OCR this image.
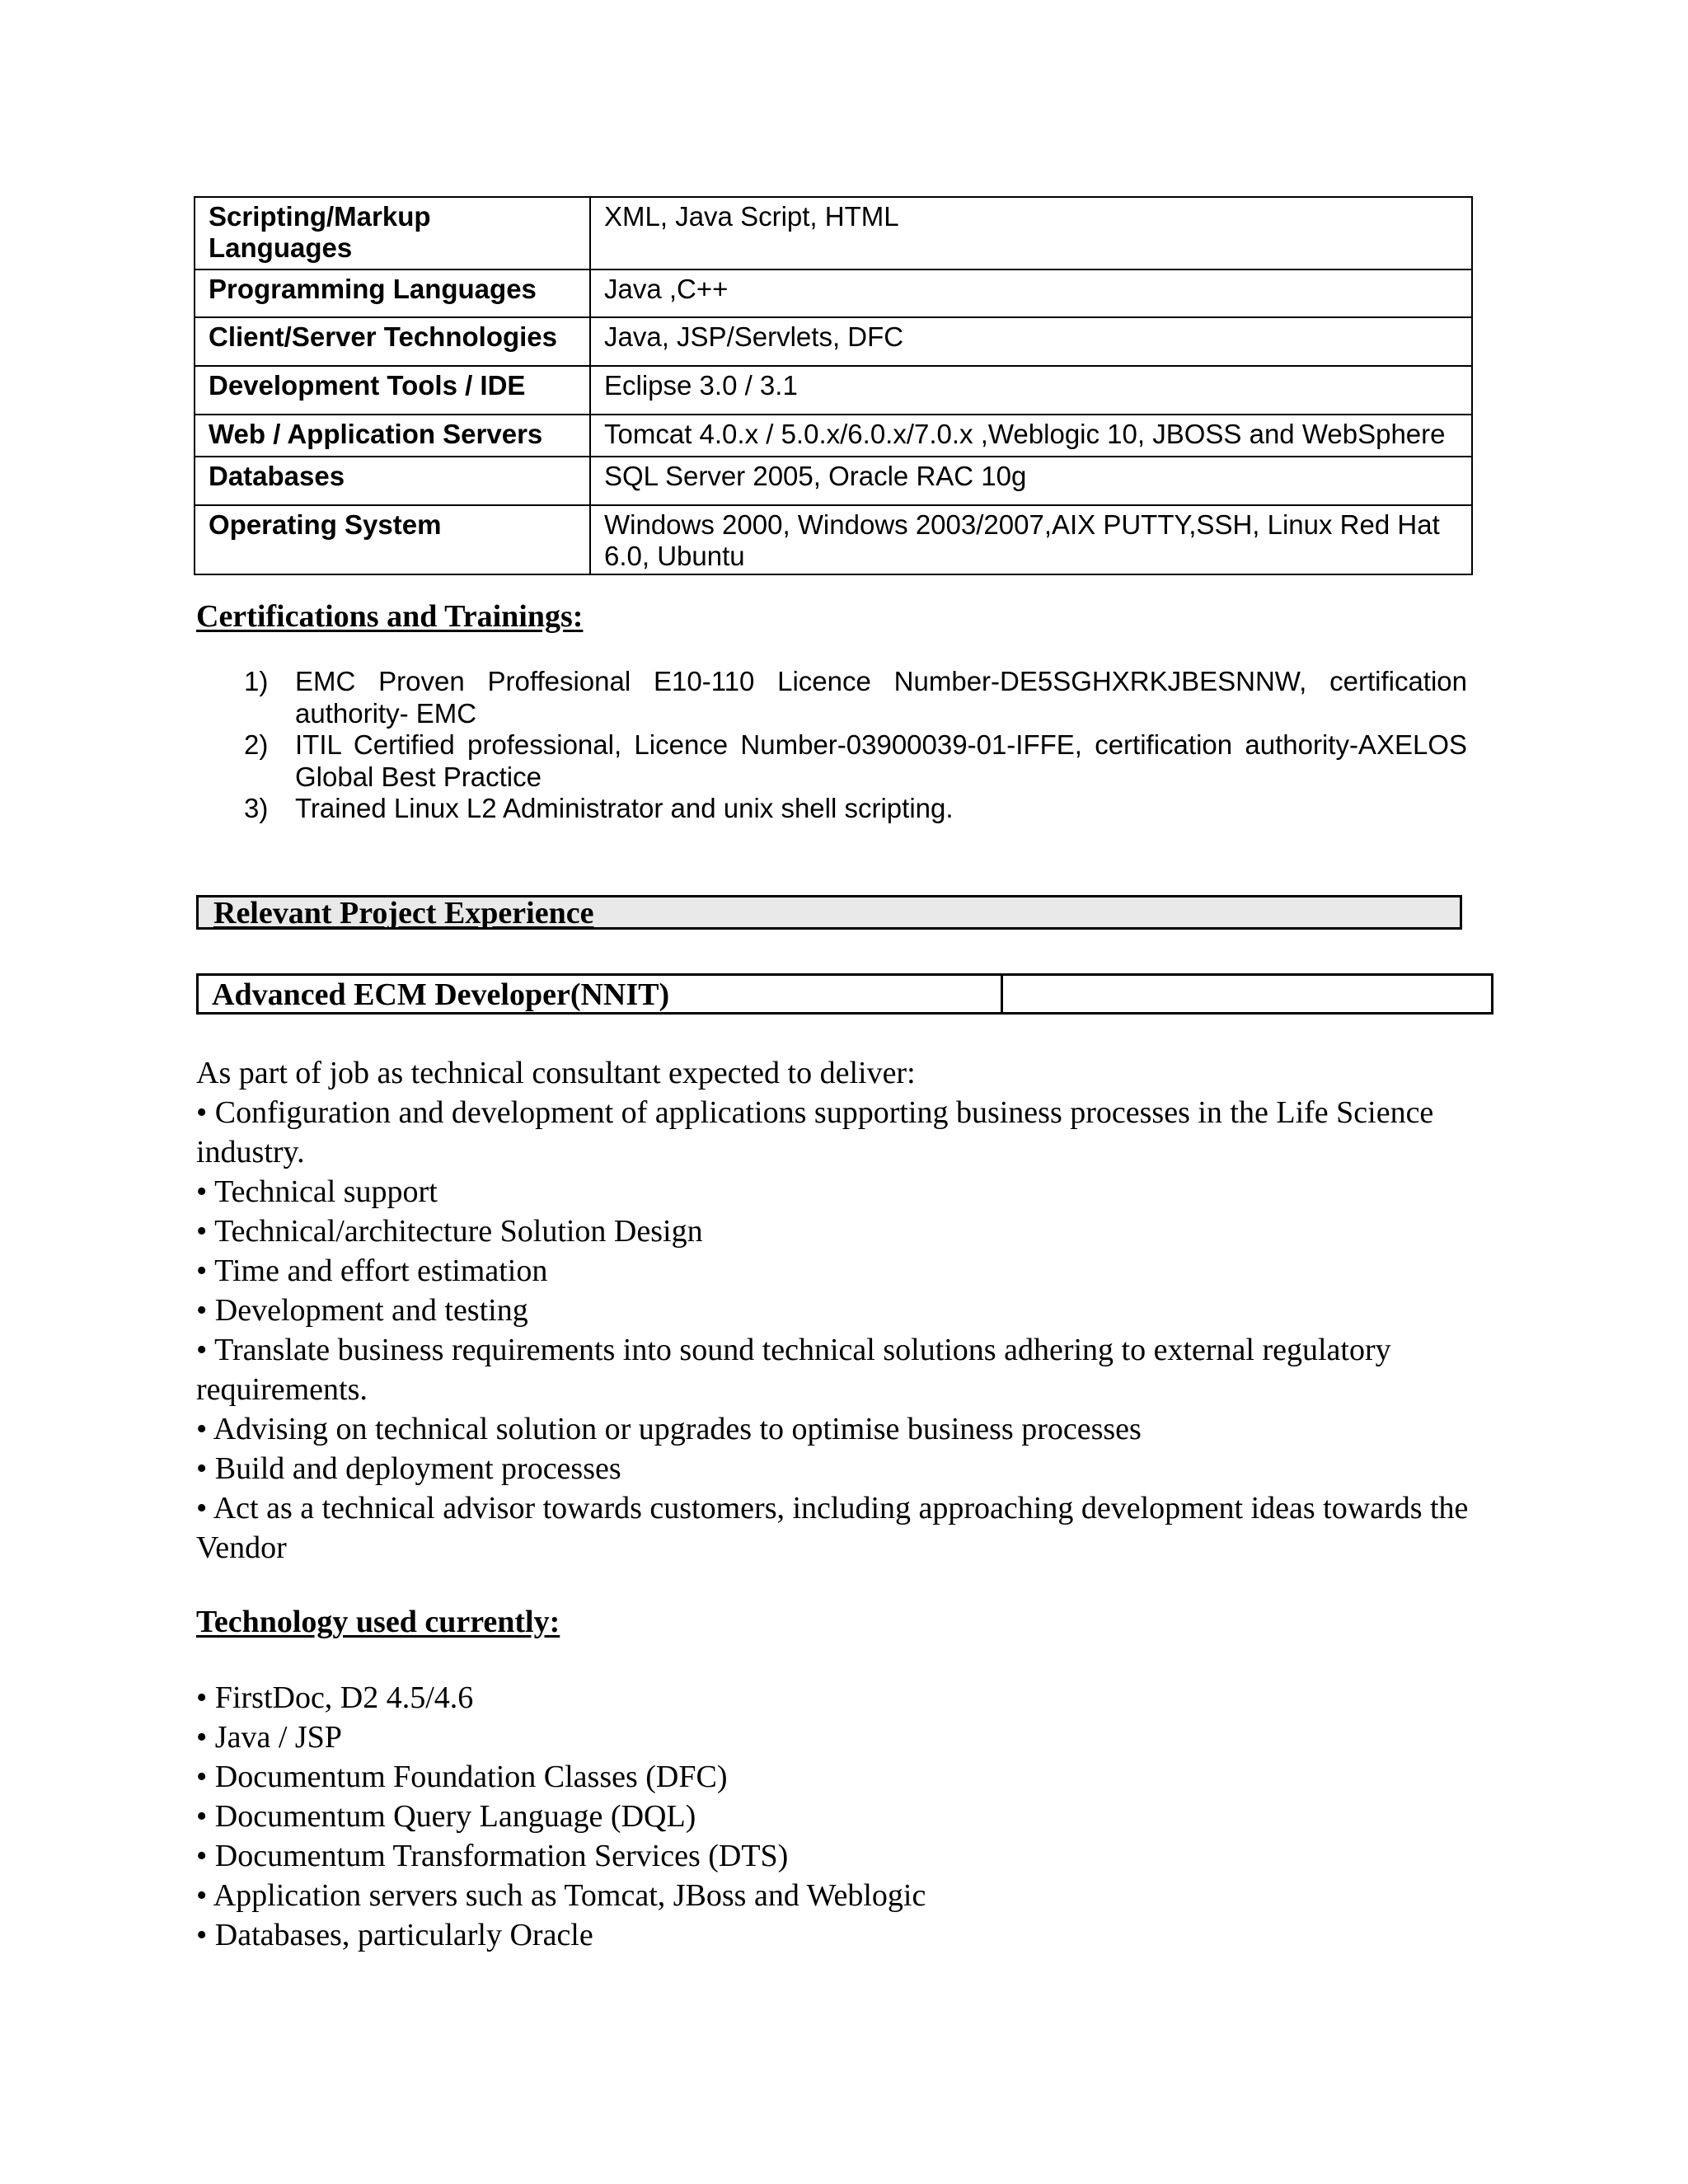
Scripting/Markup Languages	XML, Java Script, HTML
Programming Languages	Java ,C++
Client/Server Technologies	Java, JSP/Servlets, DFC
Development Tools / IDE	Eclipse 3.0 / 3.1
Web / Application Servers	Tomcat 4.0.x / 5.0.x/6.0.x/7.0.x ,Weblogic 10, JBOSS and WebSphere
Databases	SQL Server 2005, Oracle RAC 10g
Operating System	Windows 2000, Windows 2003/2007,AIX PUTTY,SSH, Linux Red Hat 6.0, Ubuntu
Certifications and Trainings:
1) EMC Proven Proffesional E10-110 Licence Number-DE5SGHXRKJBESNNW, certification authority- EMC
2) ITIL Certified professional, Licence Number-03900039-01-IFFE, certification authority-AXELOS Global Best Practice
3) Trained Linux L2 Administrator and unix shell scripting.
Relevant Project Experience
Advanced ECM Developer(NNIT)

As part of job as technical consultant expected to deliver:

• Configuration and development of applications supporting business processes in the Life Science industry.

• Technical support

• Technical/architecture Solution Design

• Time and effort estimation

• Development and testing

• Translate business requirements into sound technical solutions adhering to external regulatory requirements.

• Advising on technical solution or upgrades to optimise business processes

• Build and deployment processes

• Act as a technical advisor towards customers, including approaching development ideas towards the Vendor

Technology used currently:

• FirstDoc, D2 4.5/4.6

• Java / JSP

• Documentum Foundation Classes (DFC)

• Documentum Query Language (DQL)

• Documentum Transformation Services (DTS)

• Application servers such as Tomcat, JBoss and Weblogic

• Databases, particularly Oracle
